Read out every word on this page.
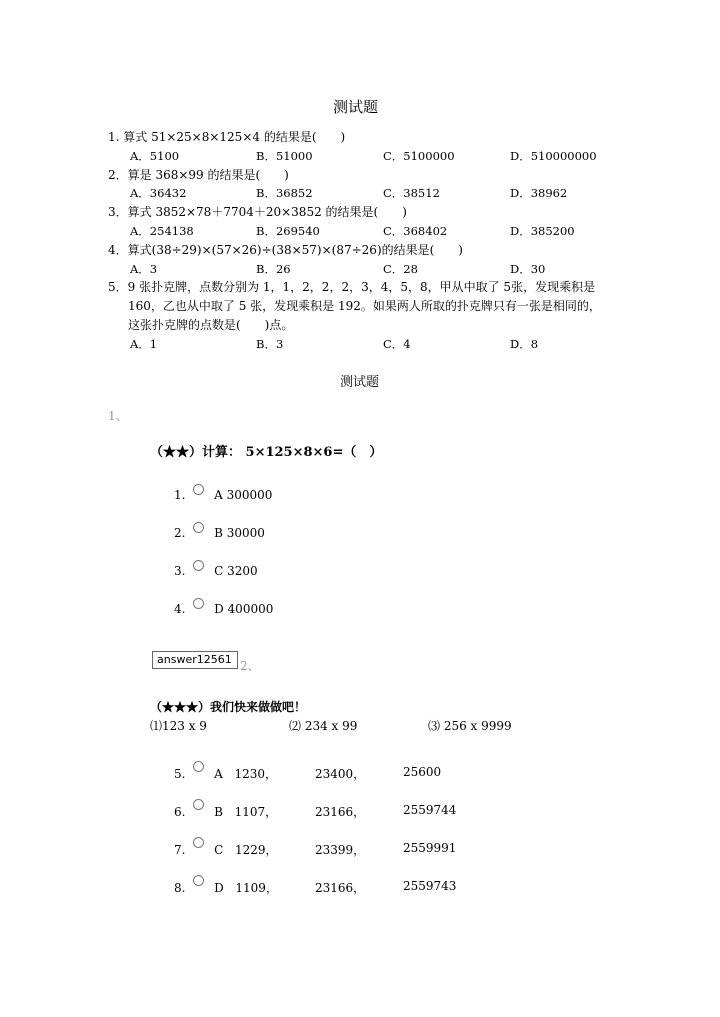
测试题
1. 算式 51×25×8×125×4 的结果是(　　)
A．5100	B．51000	C．5100000	D．510000000
2．算是 368×99 的结果是(　　)
A．36432	B．36852	C．38512	D．38962
3．算式 3852×78＋7704＋20×3852 的结果是(　　)
A．254138	B．269540	C．368402	D．385200
4．算式(38÷29)×(57×26)÷(38×57)×(87÷26)的结果是(　　)
A．3	B．26	C．28	D．30
5．9 张扑克牌，点数分别为 1，1，2，2，2，3，4，5，8，甲从中取了 5张，发现乘积是
160，乙也从中取了 5 张，发现乘积是 192。如果两人所取的扑克牌只有一张是相同的，
这张扑克牌的点数是(　　)点。
A．1	B．3	C．4	D．8
测试题
1、
（★★）计算： 5×125×8×6=（　）
1. A 300000
2. B 30000
3. C 3200
4. D 400000
answer12561 2、
（★★★）我们快来做做吧！
⑴123 x 9	⑵ 234 x 99	⑶ 256 x 9999
5. A 1230，	23400，	25600
6. B 1107，	23166，	2559744
7. C 1229，	23399，	2559991
8. D 1109，	23166，	2559743
